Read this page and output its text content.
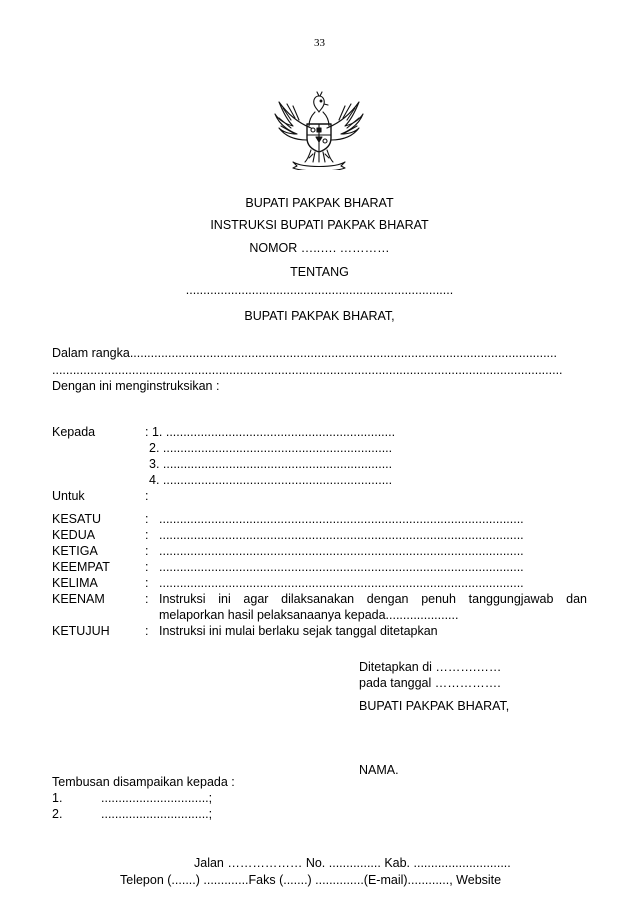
33
BUPATI PAKPAK BHARAT
INSTRUKSI BUPATI PAKPAK BHARAT
NOMOR …..…. …………
TENTANG
.............................................................................
BUPATI PAKPAK BHARAT,
Dalam rangka...........................................................................................................................
...................................................................................................................................................
Dengan ini menginstruksikan :
Kepada	: 1. ..................................................................
2. ..................................................................
3. ..................................................................
4. ..................................................................
Untuk	:
KESATU	: .........................................................................................................
KEDUA	: .........................................................................................................
KETIGA	: .........................................................................................................
KEEMPAT	: .........................................................................................................
KELIMA	: .........................................................................................................
KEENAM	: Instruksi ini agar dilaksanakan dengan penuh tanggungjawab dan
melaporkan hasil pelaksanaanya kepada.....................
KETUJUH	: Instruksi ini mulai berlaku sejak tanggal ditetapkan
Ditetapkan di ……….……
pada tanggal …………….
BUPATI PAKPAK BHARAT,
NAMA.
Tembusan disampaikan kepada :
1.	...............................;
2.	...............................;
Jalan ……………… No. ............... Kab. ............................
Telepon (.......) .............Faks (.......) ..............(E-mail)............, Website
